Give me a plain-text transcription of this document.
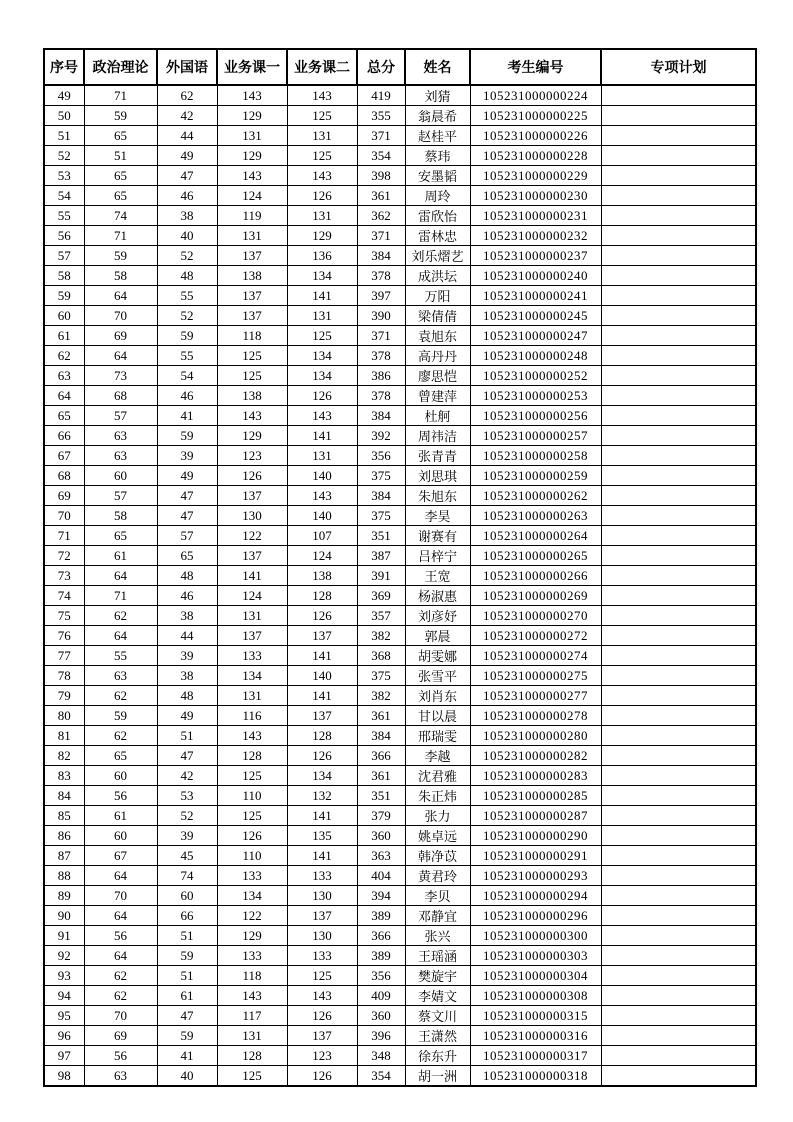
序号	政治理论	外国语	业务课一	业务课二	总分	姓名	考生编号	专项计划
49	71	62	143	143	419	刘猜	105231000000224	
50	59	42	129	125	355	翁晨希	105231000000225	
51	65	44	131	131	371	赵桂平	105231000000226	
52	51	49	129	125	354	蔡玮	105231000000228	
53	65	47	143	143	398	安墨韬	105231000000229	
54	65	46	124	126	361	周玲	105231000000230	
55	74	38	119	131	362	雷欣怡	105231000000231	
56	71	40	131	129	371	雷林忠	105231000000232	
57	59	52	137	136	384	刘乐熠艺	105231000000237	
58	58	48	138	134	378	成洪坛	105231000000240	
59	64	55	137	141	397	万阳	105231000000241	
60	70	52	137	131	390	梁倩倩	105231000000245	
61	69	59	118	125	371	袁旭东	105231000000247	
62	64	55	125	134	378	高丹丹	105231000000248	
63	73	54	125	134	386	廖思恺	105231000000252	
64	68	46	138	126	378	曾建萍	105231000000253	
65	57	41	143	143	384	杜舸	105231000000256	
66	63	59	129	141	392	周祎洁	105231000000257	
67	63	39	123	131	356	张青青	105231000000258	
68	60	49	126	140	375	刘思琪	105231000000259	
69	57	47	137	143	384	朱旭东	105231000000262	
70	58	47	130	140	375	李昊	105231000000263	
71	65	57	122	107	351	谢赛有	105231000000264	
72	61	65	137	124	387	吕梓宁	105231000000265	
73	64	48	141	138	391	王宽	105231000000266	
74	71	46	124	128	369	杨淑惠	105231000000269	
75	62	38	131	126	357	刘彦妤	105231000000270	
76	64	44	137	137	382	郭晨	105231000000272	
77	55	39	133	141	368	胡雯娜	105231000000274	
78	63	38	134	140	375	张雪平	105231000000275	
79	62	48	131	141	382	刘肖东	105231000000277	
80	59	49	116	137	361	甘以晨	105231000000278	
81	62	51	143	128	384	邢瑞雯	105231000000280	
82	65	47	128	126	366	李越	105231000000282	
83	60	42	125	134	361	沈君雅	105231000000283	
84	56	53	110	132	351	朱正炜	105231000000285	
85	61	52	125	141	379	张力	105231000000287	
86	60	39	126	135	360	姚卓远	105231000000290	
87	67	45	110	141	363	韩净苡	105231000000291	
88	64	74	133	133	404	黄君玲	105231000000293	
89	70	60	134	130	394	李贝	105231000000294	
90	64	66	122	137	389	邓静宜	105231000000296	
91	56	51	129	130	366	张兴	105231000000300	
92	64	59	133	133	389	王瑶涵	105231000000303	
93	62	51	118	125	356	樊旋宇	105231000000304	
94	62	61	143	143	409	李婧文	105231000000308	
95	70	47	117	126	360	蔡文川	105231000000315	
96	69	59	131	137	396	王潇然	105231000000316	
97	56	41	128	123	348	徐东升	105231000000317	
98	63	40	125	126	354	胡一洲	105231000000318	
